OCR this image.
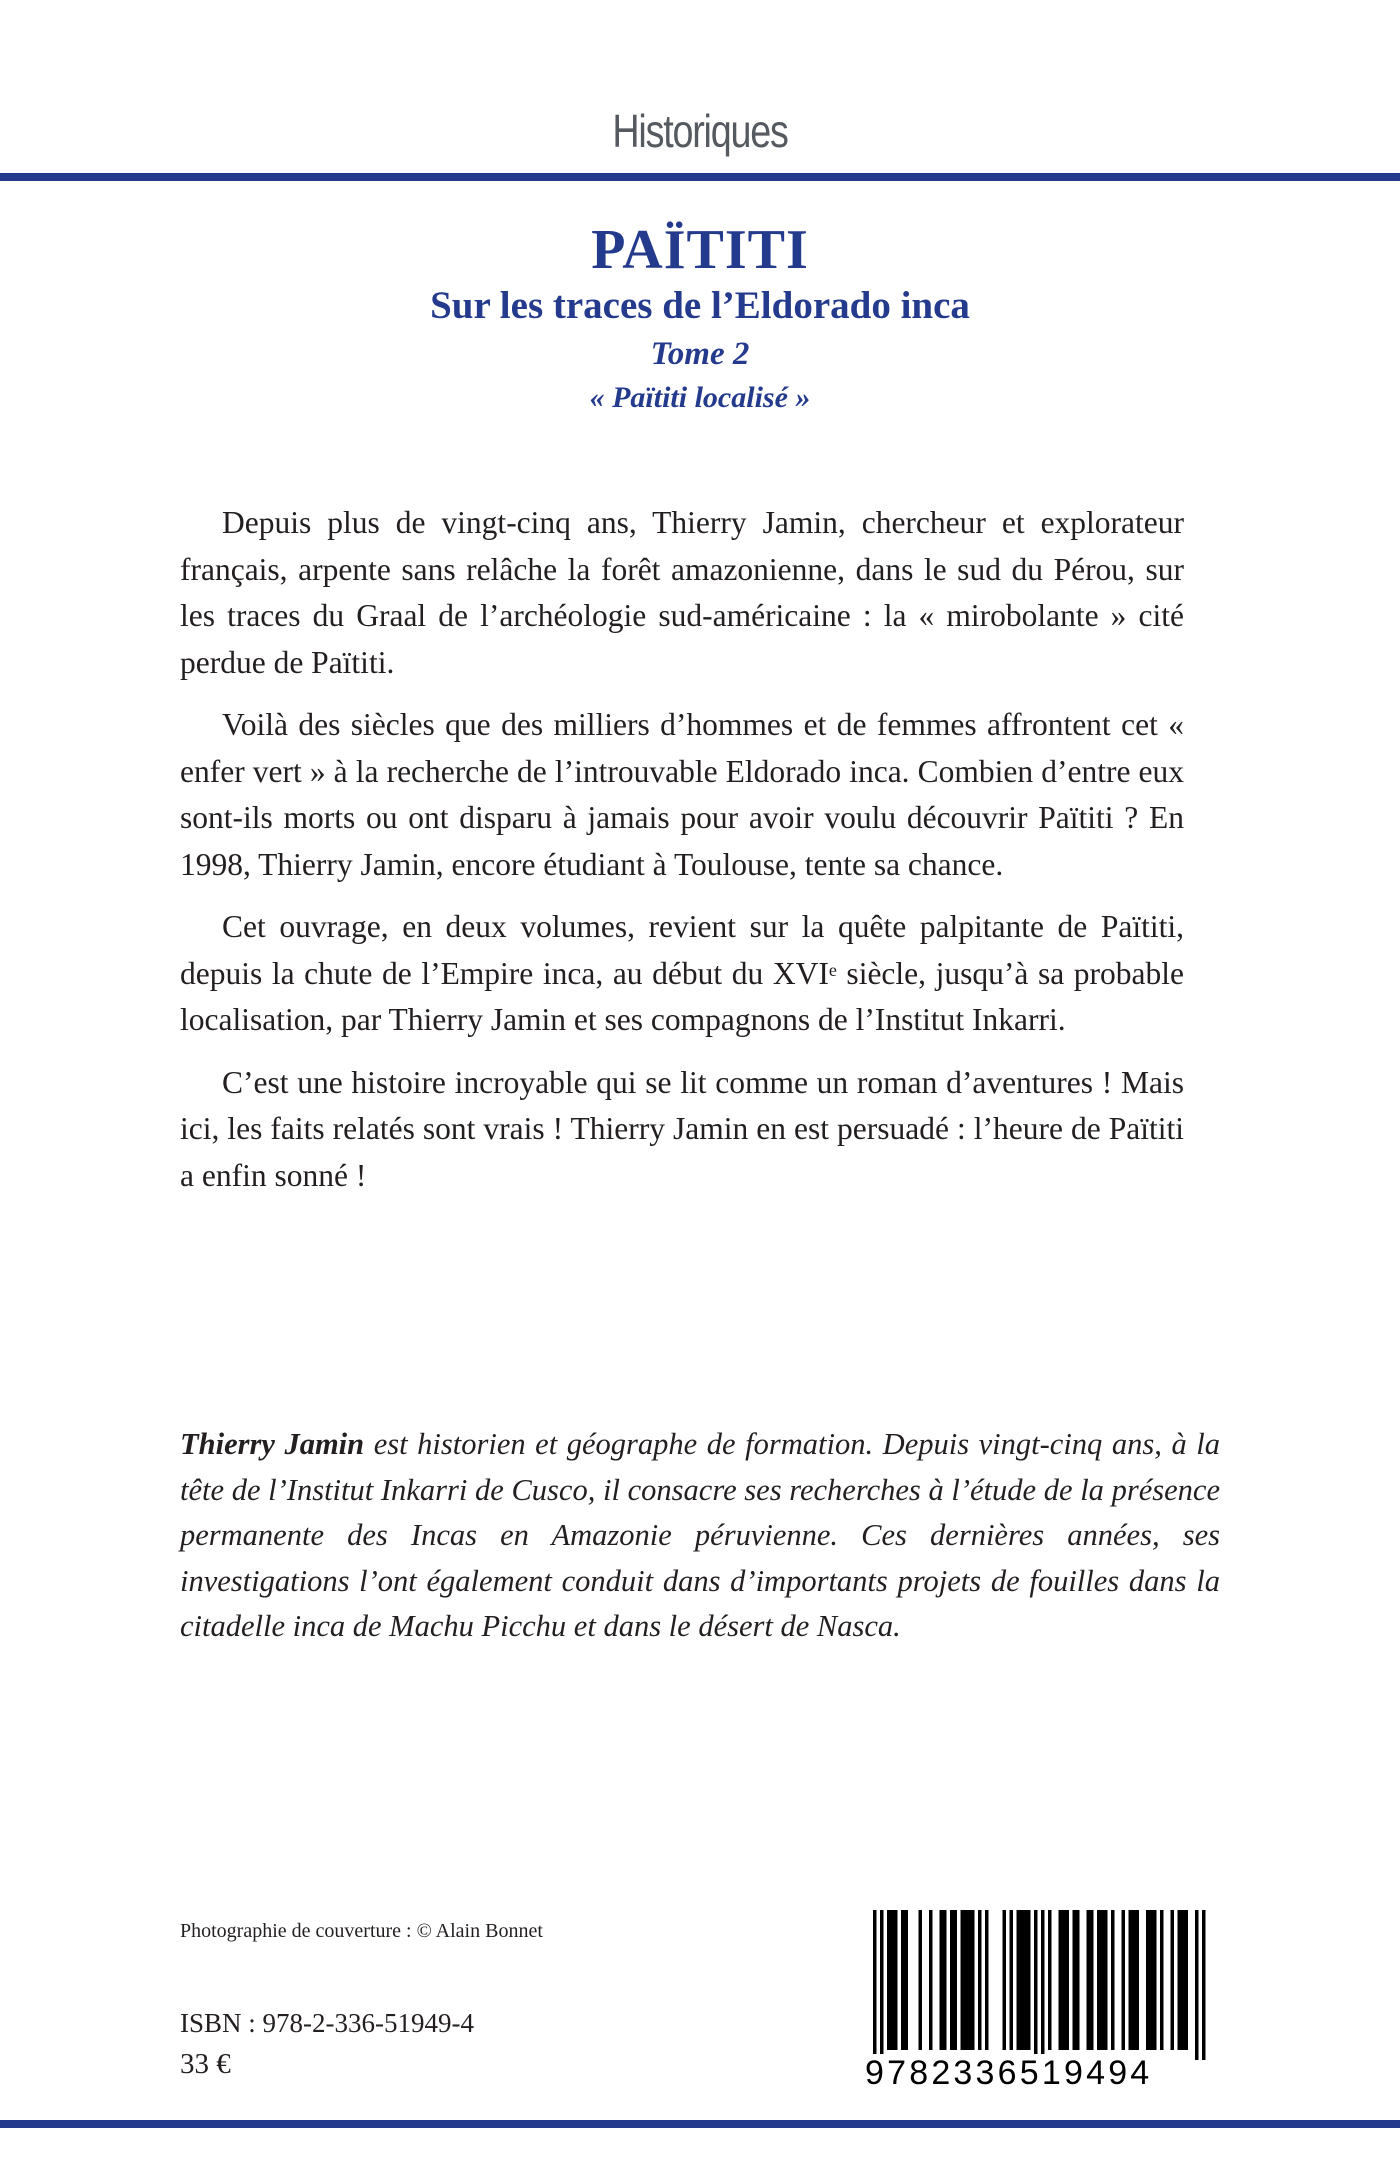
Historiques
PAÏTITI
Sur les traces de l’Eldorado inca
Tome 2
« Païtiti localisé »

Depuis plus de vingt-cinq ans, Thierry Jamin, chercheur et explorateur français, arpente sans relâche la forêt amazonienne, dans le sud du Pérou, sur les traces du Graal de l’archéologie sud-américaine : la « mirobolante » cité perdue de Païtiti.

Voilà des siècles que des milliers d’hommes et de femmes affrontent cet « enfer vert » à la recherche de l’introuvable Eldorado inca. Combien d’entre eux sont-ils morts ou ont disparu à jamais pour avoir voulu découvrir Païtiti ? En 1998, Thierry Jamin, encore étudiant à Toulouse, tente sa chance.

Cet ouvrage, en deux volumes, revient sur la quête palpitante de Païtiti, depuis la chute de l’Empire inca, au début du XVIe siècle, jusqu’à sa probable localisation, par Thierry Jamin et ses compagnons de l’Institut Inkarri.

C’est une histoire incroyable qui se lit comme un roman d’aventures ! Mais ici, les faits relatés sont vrais ! Thierry Jamin en est persuadé : l’heure de Païtiti a enfin sonné !

Thierry Jamin est historien et géographe de formation. Depuis vingt-cinq ans, à la tête de l’Institut Inkarri de Cusco, il consacre ses recherches à l’étude de la présence permanente des Incas en Amazonie péruvienne. Ces dernières années, ses investigations l’ont également conduit dans d’importants projets de fouilles dans la citadelle inca de Machu Picchu et dans le désert de Nasca.
Photographie de couverture : © Alain Bonnet
ISBN : 978-2-336-51949-4
33 €	9782336519494
